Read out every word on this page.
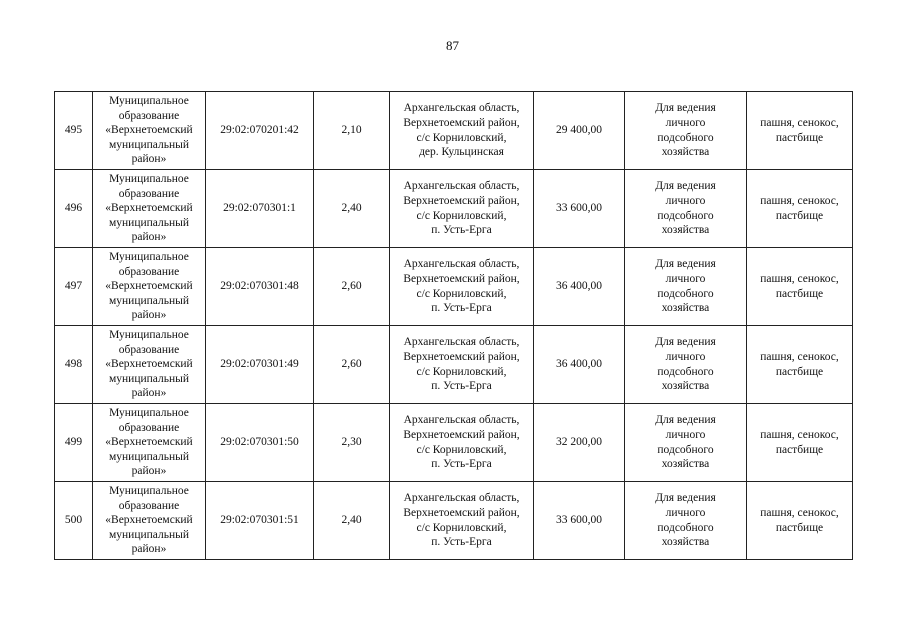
87
495	Муниципальное
образование
«Верхнетоемский
муниципальный
район»	29:02:070201:42	2,10	Архангельская область,
Верхнетоемский район,
с/с Корниловский,
дер. Кульцинская	29 400,00	Для ведения
личного
подсобного
хозяйства	пашня, сенокос,
пастбище

496	Муниципальное
образование
«Верхнетоемский
муниципальный
район»	29:02:070301:1	2,40	Архангельская область,
Верхнетоемский район,
с/с Корниловский,
п. Усть-Ерга	33 600,00	Для ведения
личного
подсобного
хозяйства	пашня, сенокос,
пастбище

497	Муниципальное
образование
«Верхнетоемский
муниципальный
район»	29:02:070301:48	2,60	Архангельская область,
Верхнетоемский район,
с/с Корниловский,
п. Усть-Ерга	36 400,00	Для ведения
личного
подсобного
хозяйства	пашня, сенокос,
пастбище

498	Муниципальное
образование
«Верхнетоемский
муниципальный
район»	29:02:070301:49	2,60	Архангельская область,
Верхнетоемский район,
с/с Корниловский,
п. Усть-Ерга	36 400,00	Для ведения
личного
подсобного
хозяйства	пашня, сенокос,
пастбище

499	Муниципальное
образование
«Верхнетоемский
муниципальный
район»	29:02:070301:50	2,30	Архангельская область,
Верхнетоемский район,
с/с Корниловский,
п. Усть-Ерга	32 200,00	Для ведения
личного
подсобного
хозяйства	пашня, сенокос,
пастбище

500	Муниципальное
образование
«Верхнетоемский
муниципальный
район»	29:02:070301:51	2,40	Архангельская область,
Верхнетоемский район,
с/с Корниловский,
п. Усть-Ерга	33 600,00	Для ведения
личного
подсобного
хозяйства	пашня, сенокос,
пастбище
